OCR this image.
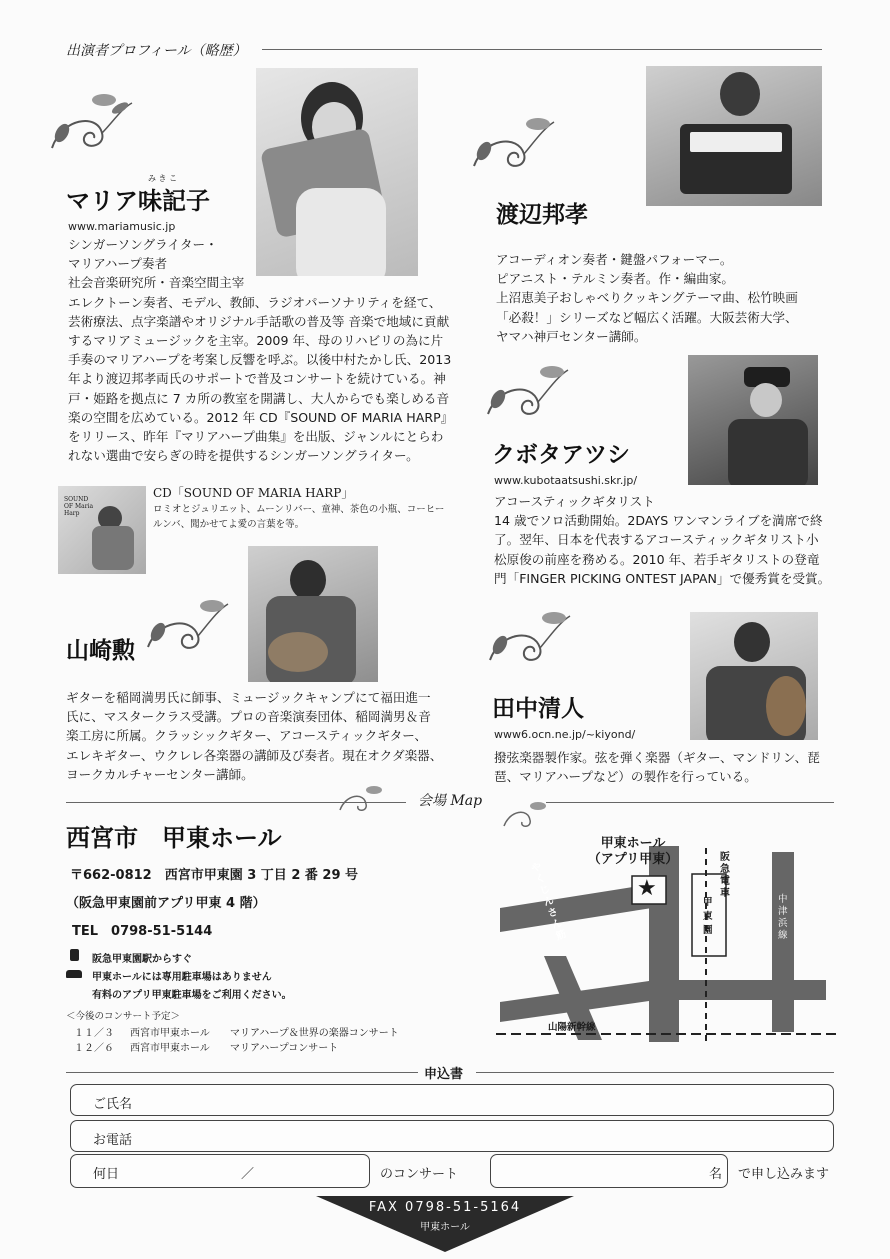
出演者プロフィール（略歴）
み き こ
マリア味記子
www.mariamusic.jp
シンガーソングライター・
マリアハープ奏者
社会音楽研究所・音楽空間主宰
エレクトーン奏者、モデル、教師、ラジオパーソナリティを経て、
芸術療法、点字楽譜やオリジナル手話歌の普及等 音楽で地域に貢献
するマリアミュージックを主宰。2009 年、母のリハビリの為に片
手奏のマリアハープを考案し反響を呼ぶ。以後中村たかし氏、2013
年より渡辺邦孝両氏のサポートで普及コンサートを続けている。神
戸・姫路を拠点に 7 カ所の教室を開講し、大人からでも楽しめる音
楽の空間を広めている。2012 年 CD『SOUND OF MARIA HARP』
をリリース、昨年『マリアハープ曲集』を出版、ジャンルにとらわ
れない選曲で安らぎの時を提供するシンガーソングライター。
SOUND OF Maria Harp
CD「SOUND OF MARIA HARP」
ロミオとジュリエット、ムーンリバー、童神、茶色の小瓶、コーヒー
ルンバ、聞かせてよ愛の言葉を等。
山崎勲
ギターを稲岡満男氏に師事、ミュージックキャンプにて福田進一
氏に、マスタークラス受講。プロの音楽演奏団体、稲岡満男＆音
楽工房に所属。クラッシックギター、アコースティックギター、
エレキギター、ウクレレ各楽器の講師及び奏者。現在オクダ楽器、
ヨークカルチャーセンター講師。
渡辺邦孝
アコーディオン奏者・鍵盤パフォーマー。
ピアニスト・テルミン奏者。作・編曲家。
上沼恵美子おしゃべりクッキングテーマ曲、松竹映画
「必殺！」シリーズなど幅広く活躍。大阪芸術大学、
ヤマハ神戸センター講師。
クボタアツシ
www.kubotaatsushi.skr.jp/
アコースティックギタリスト
14 歳でソロ活動開始。2DAYS ワンマンライブを満席で終
了。翌年、日本を代表するアコースティックギタリスト小
松原俊の前座を務める。2010 年、若手ギタリストの登竜
門「FINGER PICKING ONTEST JAPAN」で優秀賞を受賞。
田中清人
www6.ocn.ne.jp/~kiyond/
撥弦楽器製作家。弦を弾く楽器（ギター、マンドリン、琵
琶、マリアハープなど）の製作を行っている。
会場 Map
西宮市　甲東ホール
〒662-0812　西宮市甲東園 3 丁目 2 番 29 号
（阪急甲東園前アプリ甲東 4 階）
TEL　0798-51-5144
阪急甲東園駅からすぐ
甲東ホールには専用駐車場はありません
有料のアプリ甲東駐車場をご利用ください。
＜今後のコンサート予定＞
１１／３ 西宮市甲東ホール マリアハープ＆世界の楽器コンサート
１２／６ 西宮市甲東ホール マリアハープコンサート
★
甲東ホール
（アプリ甲東）	阪急電車
甲東園
やくじんさん筋
中津浜線
山陽新幹線
申込書
ご氏名
お電話
何日	／	のコンサート	名 で申し込みます
FAX 0798-51-5164
甲東ホール
